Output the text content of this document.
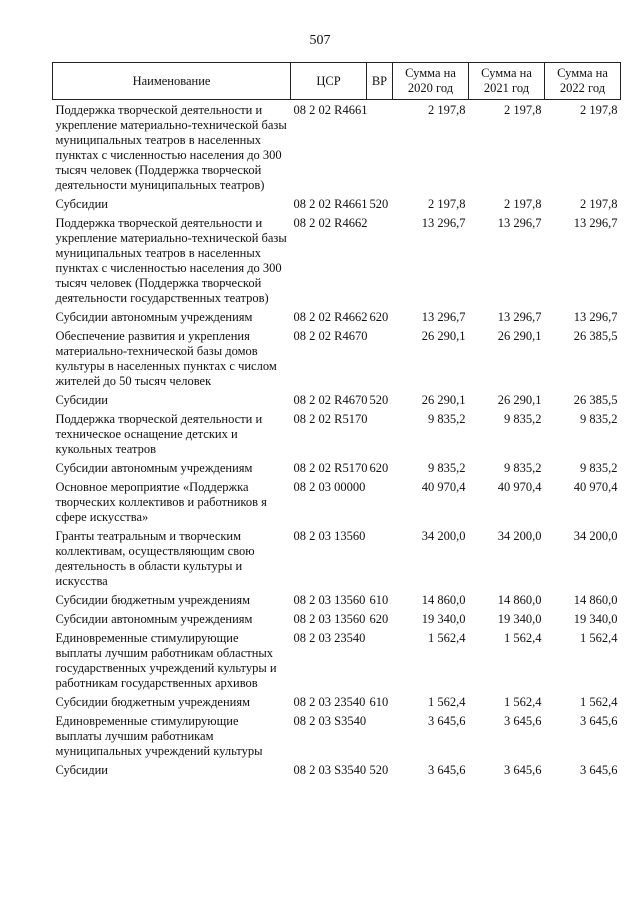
507
Наименование	ЦСР	ВР	Сумма на 2020 год	Сумма на 2021 год	Сумма на 2022 год
Поддержка творческой деятельности и укрепление материально-технической базы муниципальных театров в населенных пунктах с численностью населения до 300 тысяч человек (Поддержка творческой деятельности муниципальных театров)	08 2 02 R4661		2 197,8	2 197,8	2 197,8
Субсидии	08 2 02 R4661	520	2 197,8	2 197,8	2 197,8
Поддержка творческой деятельности и укрепление материально-технической базы муниципальных театров в населенных пунктах с численностью населения до 300 тысяч человек (Поддержка творческой деятельности государственных театров)	08 2 02 R4662		13 296,7	13 296,7	13 296,7
Субсидии автономным учреждениям	08 2 02 R4662	620	13 296,7	13 296,7	13 296,7
Обеспечение развития и укрепления материально-технической базы домов культуры в населенных пунктах с числом жителей до 50 тысяч человек	08 2 02 R4670		26 290,1	26 290,1	26 385,5
Субсидии	08 2 02 R4670	520	26 290,1	26 290,1	26 385,5
Поддержка творческой деятельности и техническое оснащение детских и кукольных театров	08 2 02 R5170		9 835,2	9 835,2	9 835,2
Субсидии автономным учреждениям	08 2 02 R5170	620	9 835,2	9 835,2	9 835,2
Основное мероприятие «Поддержка творческих коллективов и работников я сфере искусства»	08 2 03 00000		40 970,4	40 970,4	40 970,4
Гранты театральным и творческим коллективам, осуществляющим свою деятельность в области культуры и искусства	08 2 03 13560		34 200,0	34 200,0	34 200,0
Субсидии бюджетным учреждениям	08 2 03 13560	610	14 860,0	14 860,0	14 860,0
Субсидии автономным учреждениям	08 2 03 13560	620	19 340,0	19 340,0	19 340,0
Единовременные стимулирующие выплаты лучшим работникам областных государственных учреждений культуры и работникам государственных архивов	08 2 03 23540		1 562,4	1 562,4	1 562,4
Субсидии бюджетным учреждениям	08 2 03 23540	610	1 562,4	1 562,4	1 562,4
Единовременные стимулирующие выплаты лучшим работникам муниципальных учреждений культуры	08 2 03 S3540		3 645,6	3 645,6	3 645,6
Субсидии	08 2 03 S3540	520	3 645,6	3 645,6	3 645,6
